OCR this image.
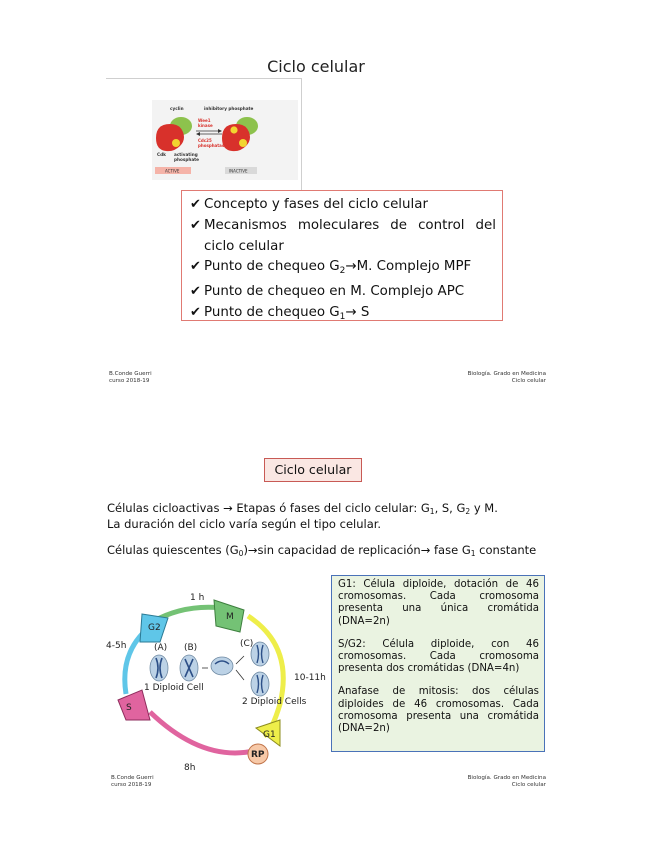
Ciclo celular
cyclin	inhibitory phosphate
Wee1
kinase
Cdc25
phosphatase
Cdk activating
phosphate
ACTIVE	INACTIVE
✔ Concepto y fases del ciclo celular
✔ Mecanismos moleculares de control del ciclo celular
✔ Punto de chequeo $G_2\to M$. Complejo MPF
✔ Punto de chequeo en M. Complejo APC
✔ Punto de chequeo $G_1\to S$
B.Conde Guerri
curso 2018-19
Biología. Grado en Medicina
Ciclo celular
Ciclo celular
Células cicloactivas → Etapas ó fases del ciclo celular: $G_1$, S, $G_2$ y M.
La duración del ciclo varía según el tipo celular.
Células quiescentes $(G_0)\to\sin$ capacidad de replicación→ fase $G_1$ constante
1 h
4-5h
10-11h
8h
M
G2
S
G1
RP
(A) (B)	(C)
1 Diploid Cell
2 Diploid Cells
G1: Célula diploide, dotación de 46 cromosomas. Cada cromosoma presenta una única cromátida (DNA=2n)
S/G2: Célula diploide, con 46 cromosomas. Cada cromosoma presenta dos cromátidas (DNA=4n)
Anafase de mitosis: dos células diploides de 46 cromosomas. Cada cromosoma presenta una cromátida (DNA=2n)
B.Conde Guerri
curso 2018-19
Biología. Grado en Medicina
Ciclo celular
